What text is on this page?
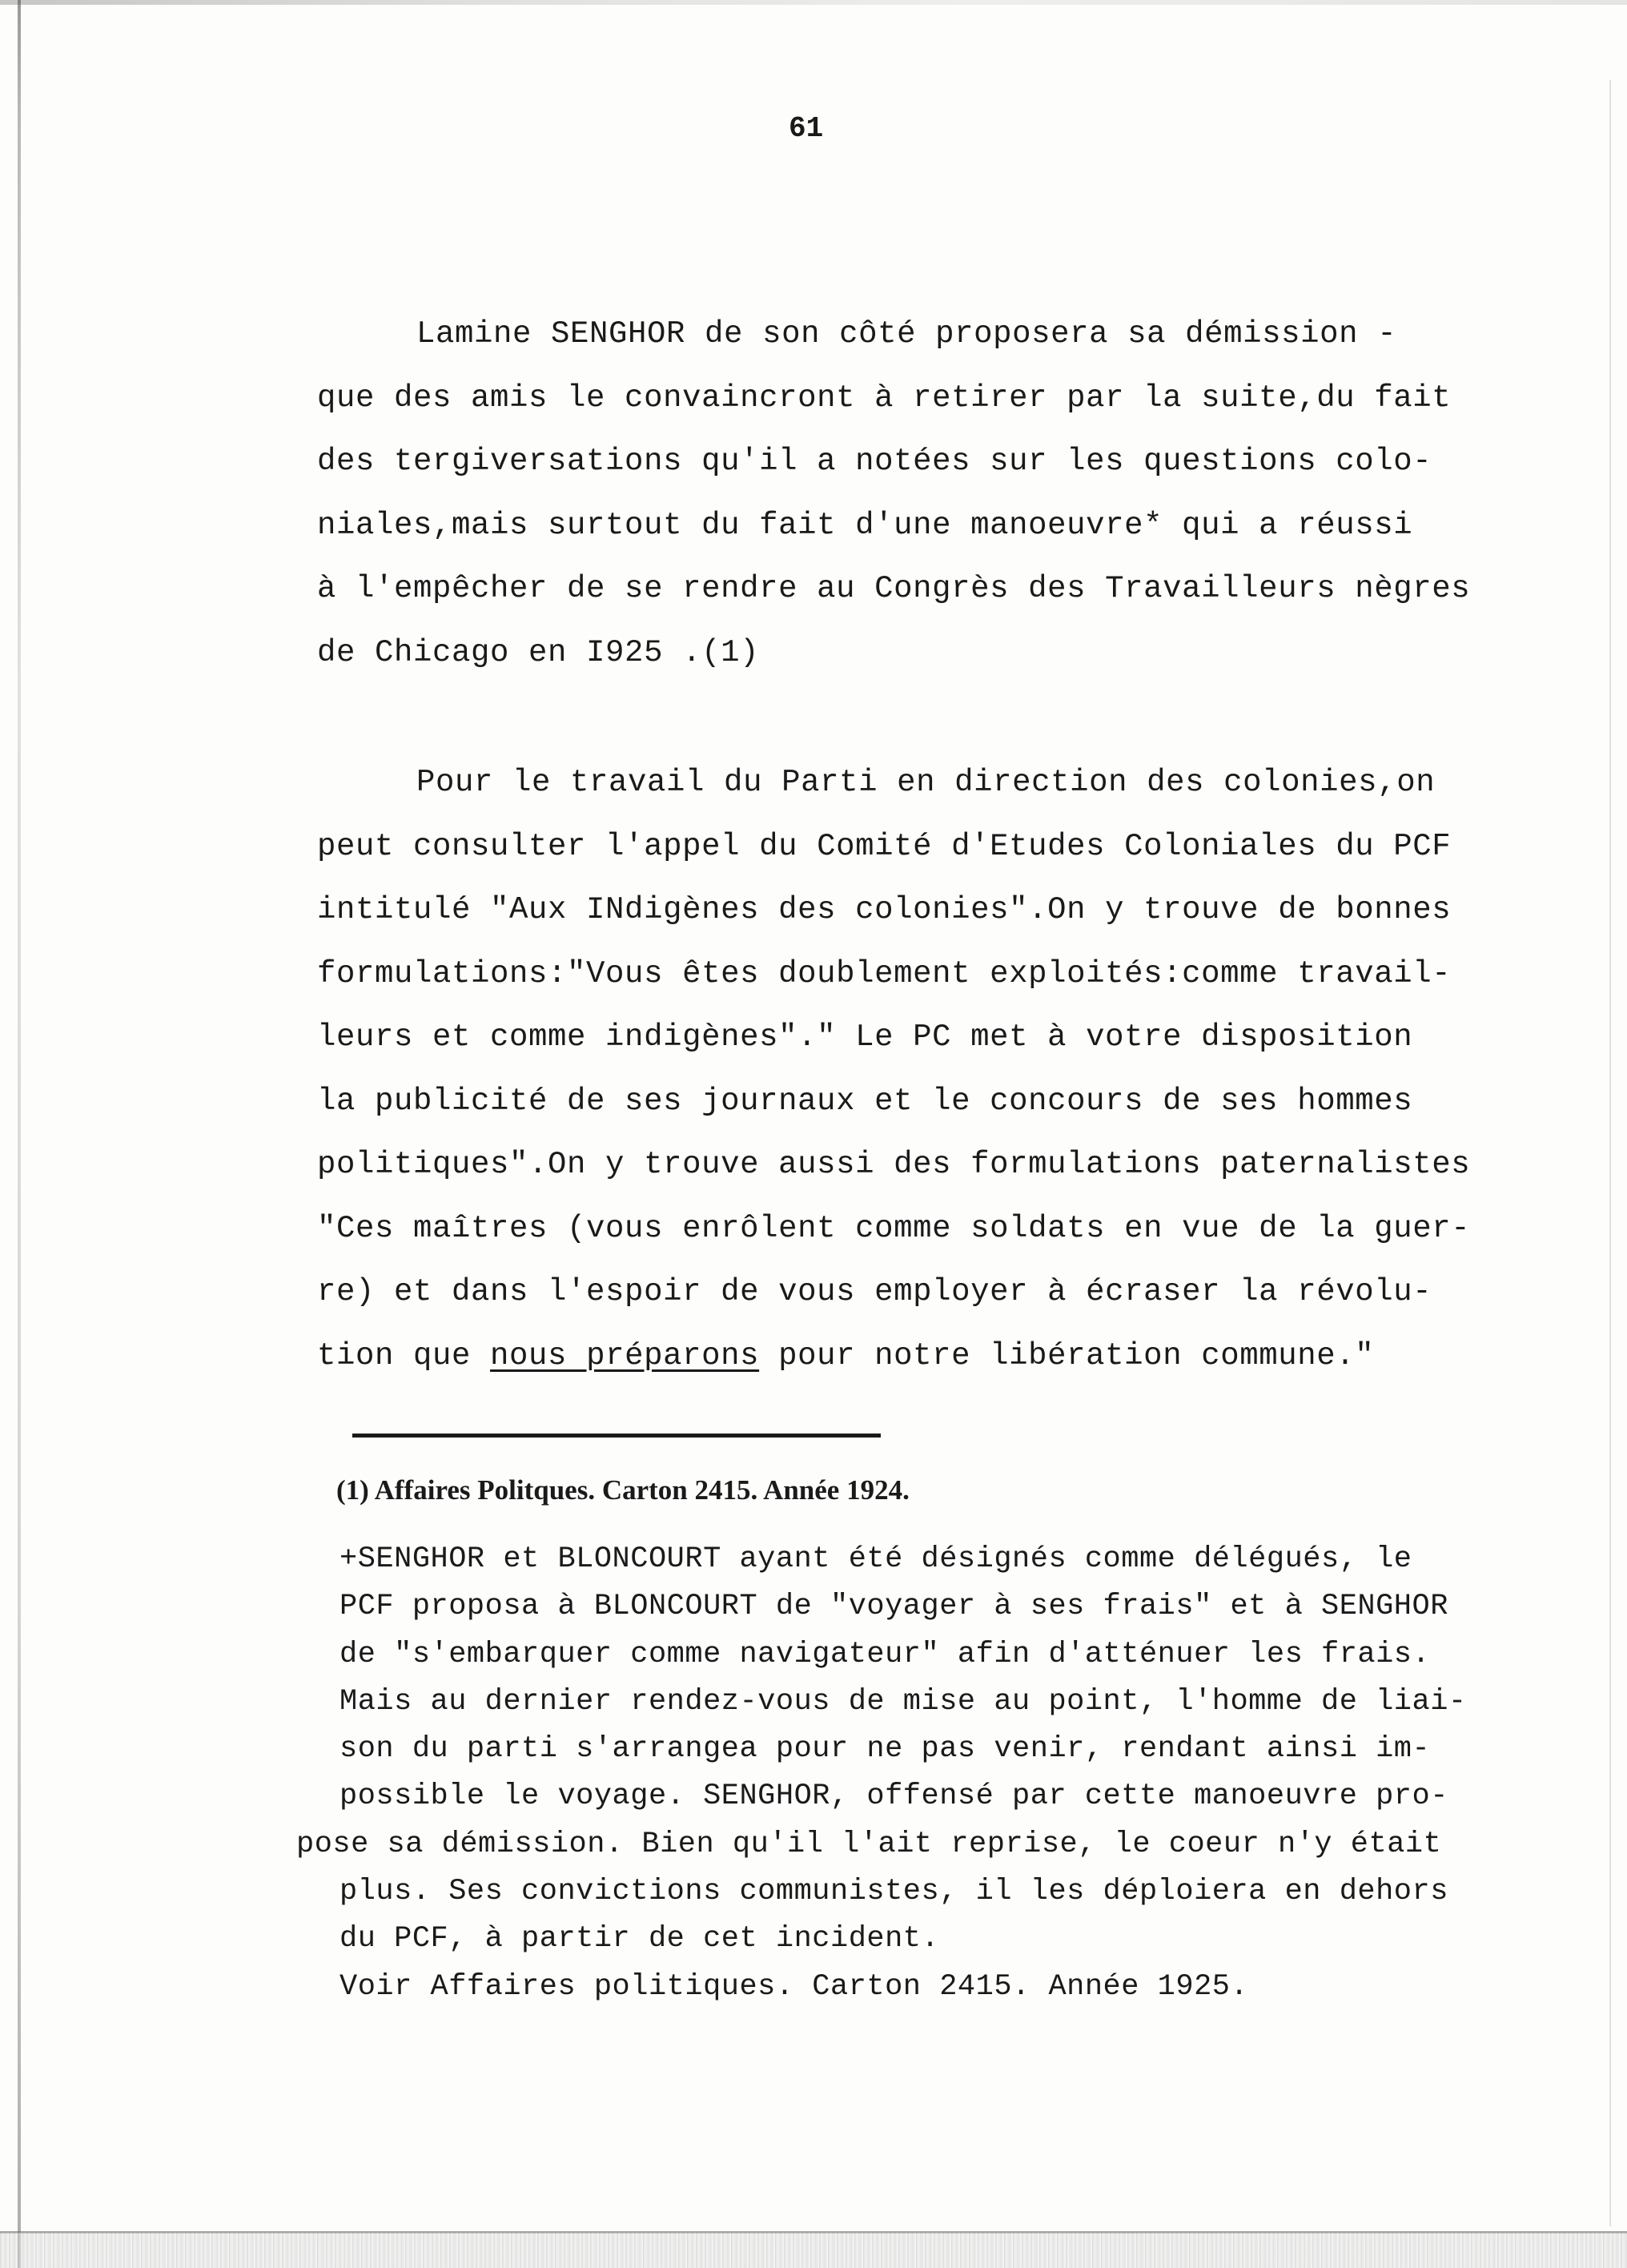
61
Lamine SENGHOR de son côté proposera sa démission -
que des amis le convaincront à retirer par la suite,du fait
des tergiversations qu'il a notées sur les questions colo-
niales,mais surtout du fait d'une manoeuvre* qui a réussi
à l'empêcher de se rendre au Congrès des Travailleurs nègres
de Chicago en I925 .(1)
Pour le travail du Parti en direction des colonies,on
peut consulter l'appel du Comité d'Etudes Coloniales du PCF
intitulé "Aux INdigènes des colonies".On y trouve de bonnes
formulations:"Vous êtes doublement exploités:comme travail-
leurs et comme indigènes"." Le PC met à votre disposition
la publicité de ses journaux et le concours de ses hommes
politiques".On y trouve aussi des formulations paternalistes
"Ces maîtres (vous enrôlent comme soldats en vue de la guer-
re) et dans l'espoir de vous employer à écraser la révolu-
tion que nous préparons pour notre libération commune."
(1) Affaires Politques. Carton 2415. Année 1924.
+SENGHOR et BLONCOURT ayant été désignés comme délégués, le
PCF proposa à BLONCOURT de "voyager à ses frais" et à SENGHOR
de "s'embarquer comme navigateur" afin d'atténuer les frais.
Mais au dernier rendez-vous de mise au point, l'homme de liai-
son du parti s'arrangea pour ne pas venir, rendant ainsi im-
possible le voyage. SENGHOR, offensé par cette manoeuvre pro-
pose sa démission. Bien qu'il l'ait reprise, le coeur n'y était
plus. Ses convictions communistes, il les déploiera en dehors
du PCF, à partir de cet incident.
Voir Affaires politiques. Carton 2415. Année 1925.
